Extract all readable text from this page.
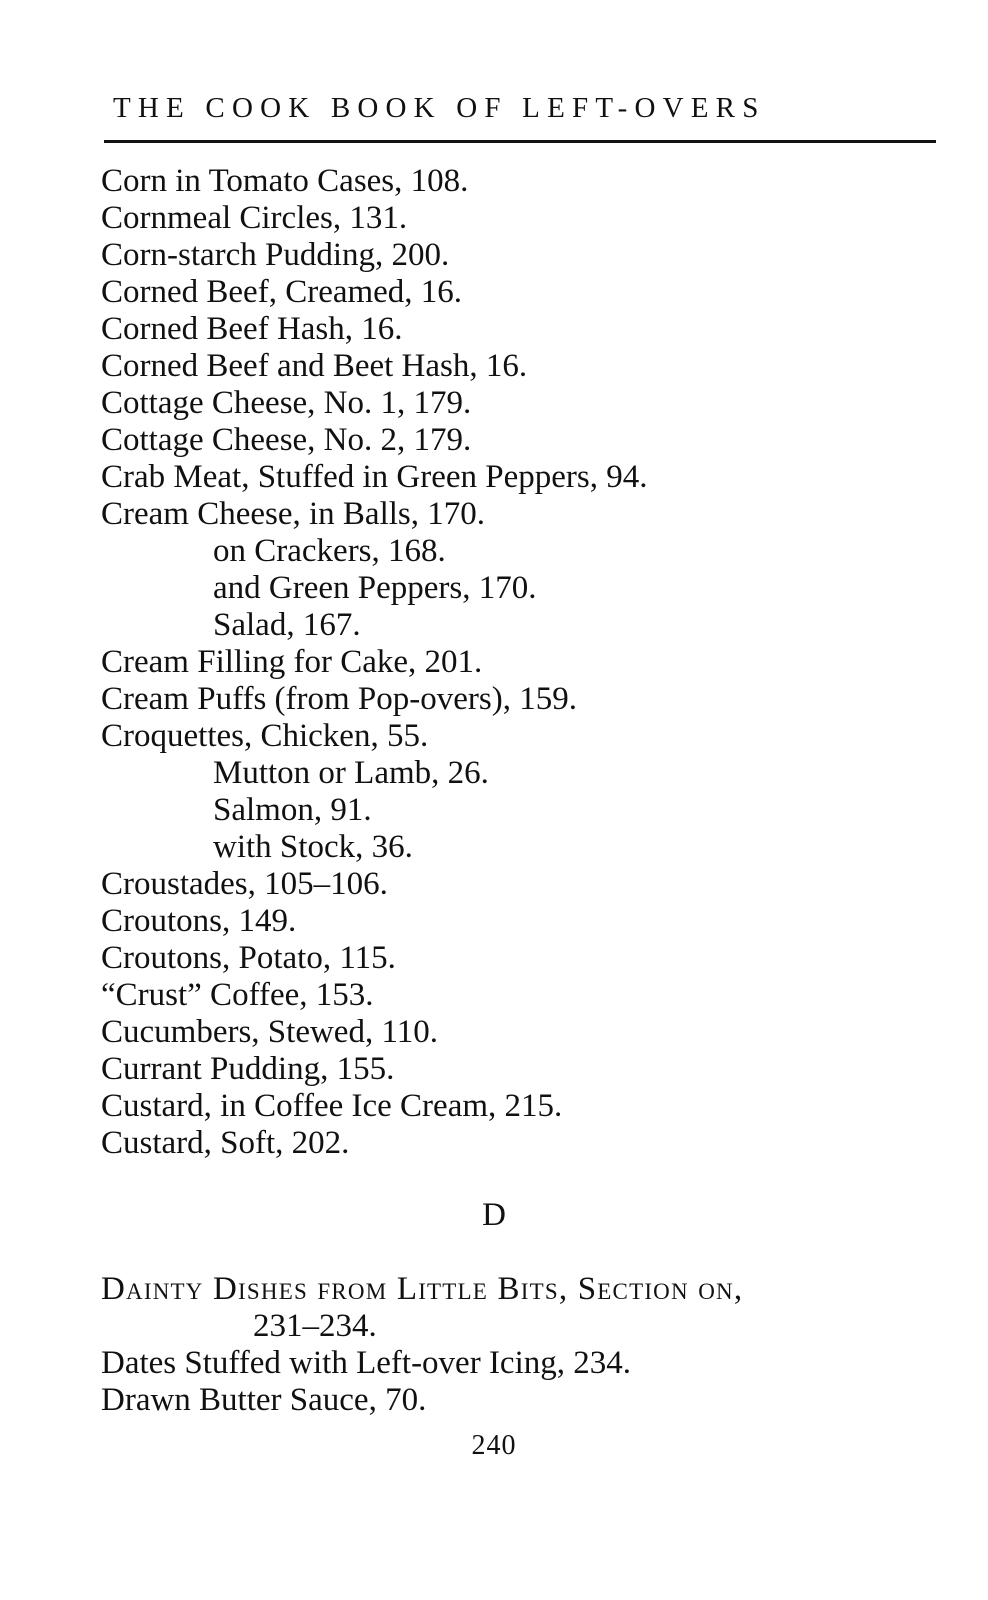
THE COOK BOOK OF LEFT-OVERS
Corn in Tomato Cases, 108.
Cornmeal Circles, 131.
Corn-starch Pudding, 200.
Corned Beef, Creamed, 16.
Corned Beef Hash, 16.
Corned Beef and Beet Hash, 16.
Cottage Cheese, No. 1, 179.
Cottage Cheese, No. 2, 179.
Crab Meat, Stuffed in Green Peppers, 94.
Cream Cheese, in Balls, 170.
on Crackers, 168.
and Green Peppers, 170.
Salad, 167.
Cream Filling for Cake, 201.
Cream Puffs (from Pop-overs), 159.
Croquettes, Chicken, 55.
Mutton or Lamb, 26.
Salmon, 91.
with Stock, 36.
Croustades, 105–106.
Croutons, 149.
Croutons, Potato, 115.
“Crust” Coffee, 153.
Cucumbers, Stewed, 110.
Currant Pudding, 155.
Custard, in Coffee Ice Cream, 215.
Custard, Soft, 202.
D
Dainty Dishes from Little Bits, Section on,
231–234.
Dates Stuffed with Left-over Icing, 234.
Drawn Butter Sauce, 70.
240
